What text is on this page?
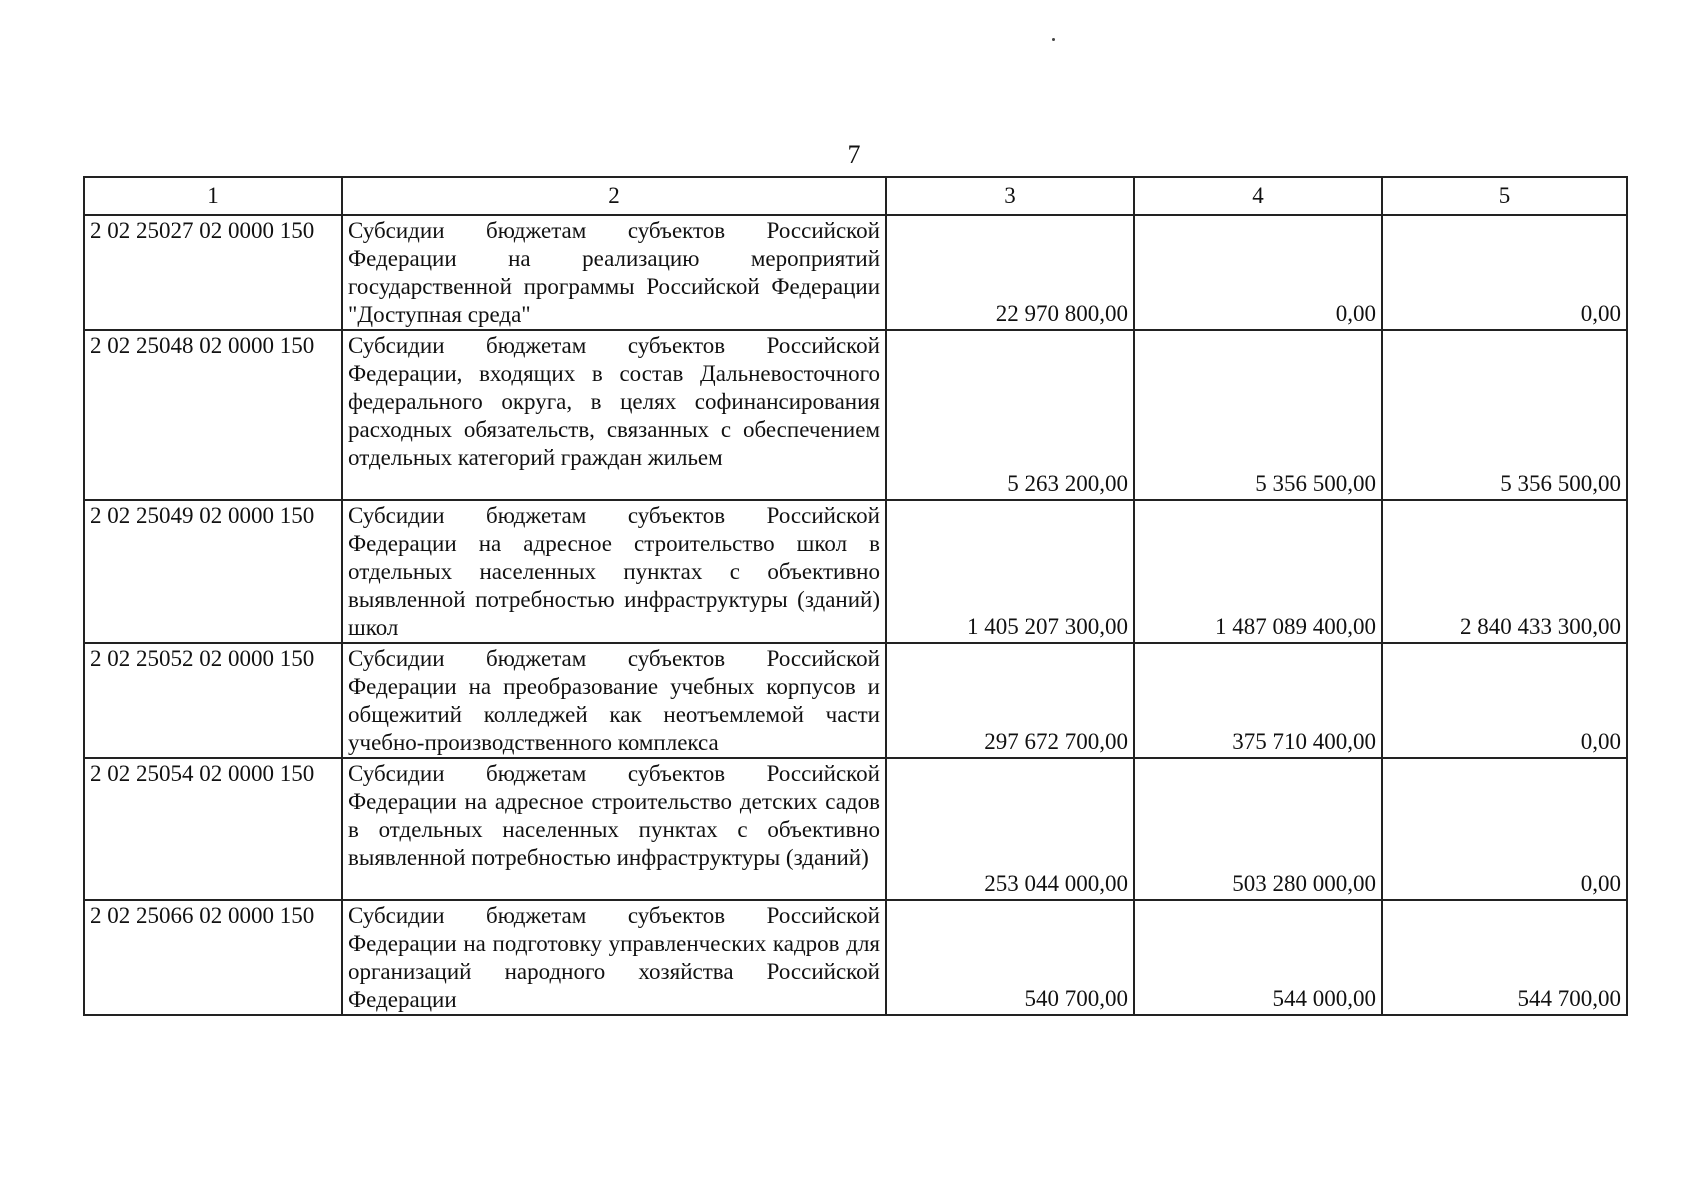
7
1	2	3	4	5
2 02 25027 02 0000 150	Субсидии бюджетам субъектов Российской Федерации на реализацию мероприятий государственной программы Российской Федерации "Доступная среда"	22 970 800,00	0,00	0,00
2 02 25048 02 0000 150	Субсидии бюджетам субъектов Российской Федерации, входящих в состав Дальневосточного федерального округа, в целях софинансирования расходных обязательств, связанных с обеспечением отдельных категорий граждан жильем	5 263 200,00	5 356 500,00	5 356 500,00
2 02 25049 02 0000 150	Субсидии бюджетам субъектов Российской Федерации на адресное строительство школ в отдельных населенных пунктах с объективно выявленной потребностью инфраструктуры (зданий) школ	1 405 207 300,00	1 487 089 400,00	2 840 433 300,00
2 02 25052 02 0000 150	Субсидии бюджетам субъектов Российской Федерации на преобразование учебных корпусов и общежитий колледжей как неотъемлемой части учебно-производственного комплекса	297 672 700,00	375 710 400,00	0,00
2 02 25054 02 0000 150	Субсидии бюджетам субъектов Российской Федерации на адресное строительство детских садов в отдельных населенных пунктах с объективно выявленной потребностью инфраструктуры (зданий)	253 044 000,00	503 280 000,00	0,00
2 02 25066 02 0000 150	Субсидии бюджетам субъектов Российской Федерации на подготовку управленческих кадров для организаций народного хозяйства Российской Федерации	540 700,00	544 000,00	544 700,00
